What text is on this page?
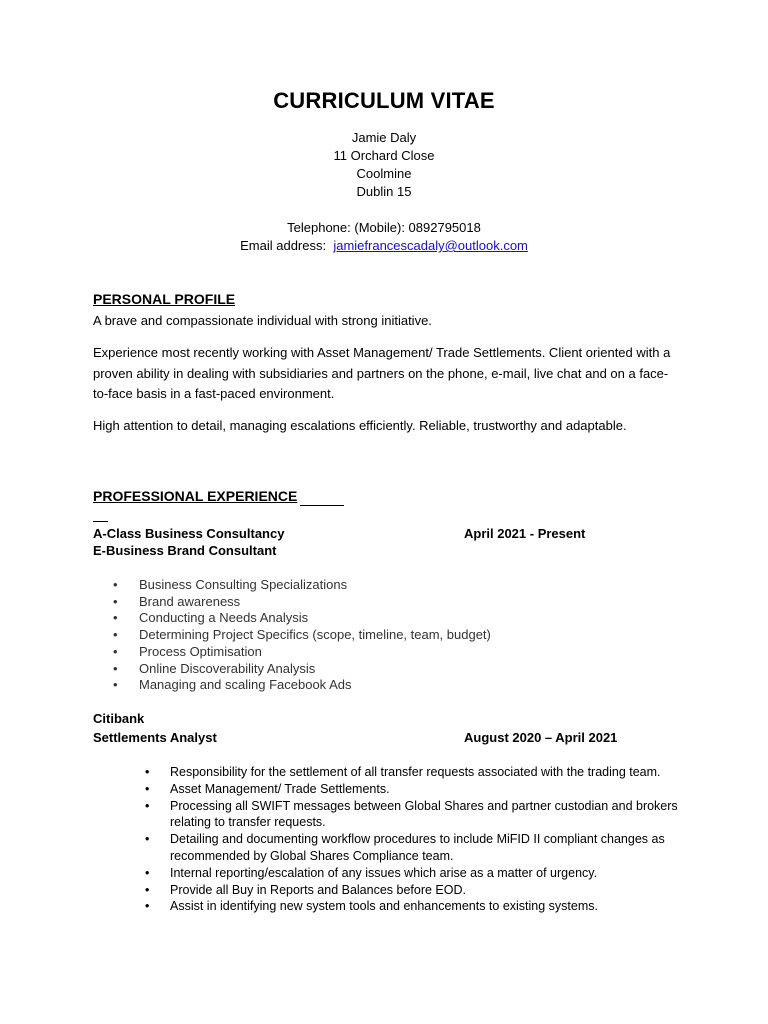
CURRICULUM VITAE
Jamie Daly
11 Orchard Close
Coolmine
Dublin 15
Telephone: (Mobile): 0892795018
Email address: jamiefrancescadaly@outlook.com
PERSONAL PROFILE
A brave and compassionate individual with strong initiative.
Experience most recently working with Asset Management/ Trade Settlements. Client oriented with a proven ability in dealing with subsidiaries and partners on the phone, e-mail, live chat and on a face-to-face basis in a fast-paced environment.
High attention to detail, managing escalations efficiently. Reliable, trustworthy and adaptable.
PROFESSIONAL EXPERIENCE
A-Class Business Consultancy	April 2021 - Present
E-Business Brand Consultant
• Business Consulting Specializations
• Brand awareness
• Conducting a Needs Analysis
• Determining Project Specifics (scope, timeline, team, budget)
• Process Optimisation
• Online Discoverability Analysis
• Managing and scaling Facebook Ads
Citibank
Settlements Analyst	August 2020 – April 2021
• Responsibility for the settlement of all transfer requests associated with the trading team.
• Asset Management/ Trade Settlements.
• Processing all SWIFT messages between Global Shares and partner custodian and brokers relating to transfer requests.
• Detailing and documenting workflow procedures to include MiFID II compliant changes as recommended by Global Shares Compliance team.
• Internal reporting/escalation of any issues which arise as a matter of urgency.
• Provide all Buy in Reports and Balances before EOD.
• Assist in identifying new system tools and enhancements to existing systems.
